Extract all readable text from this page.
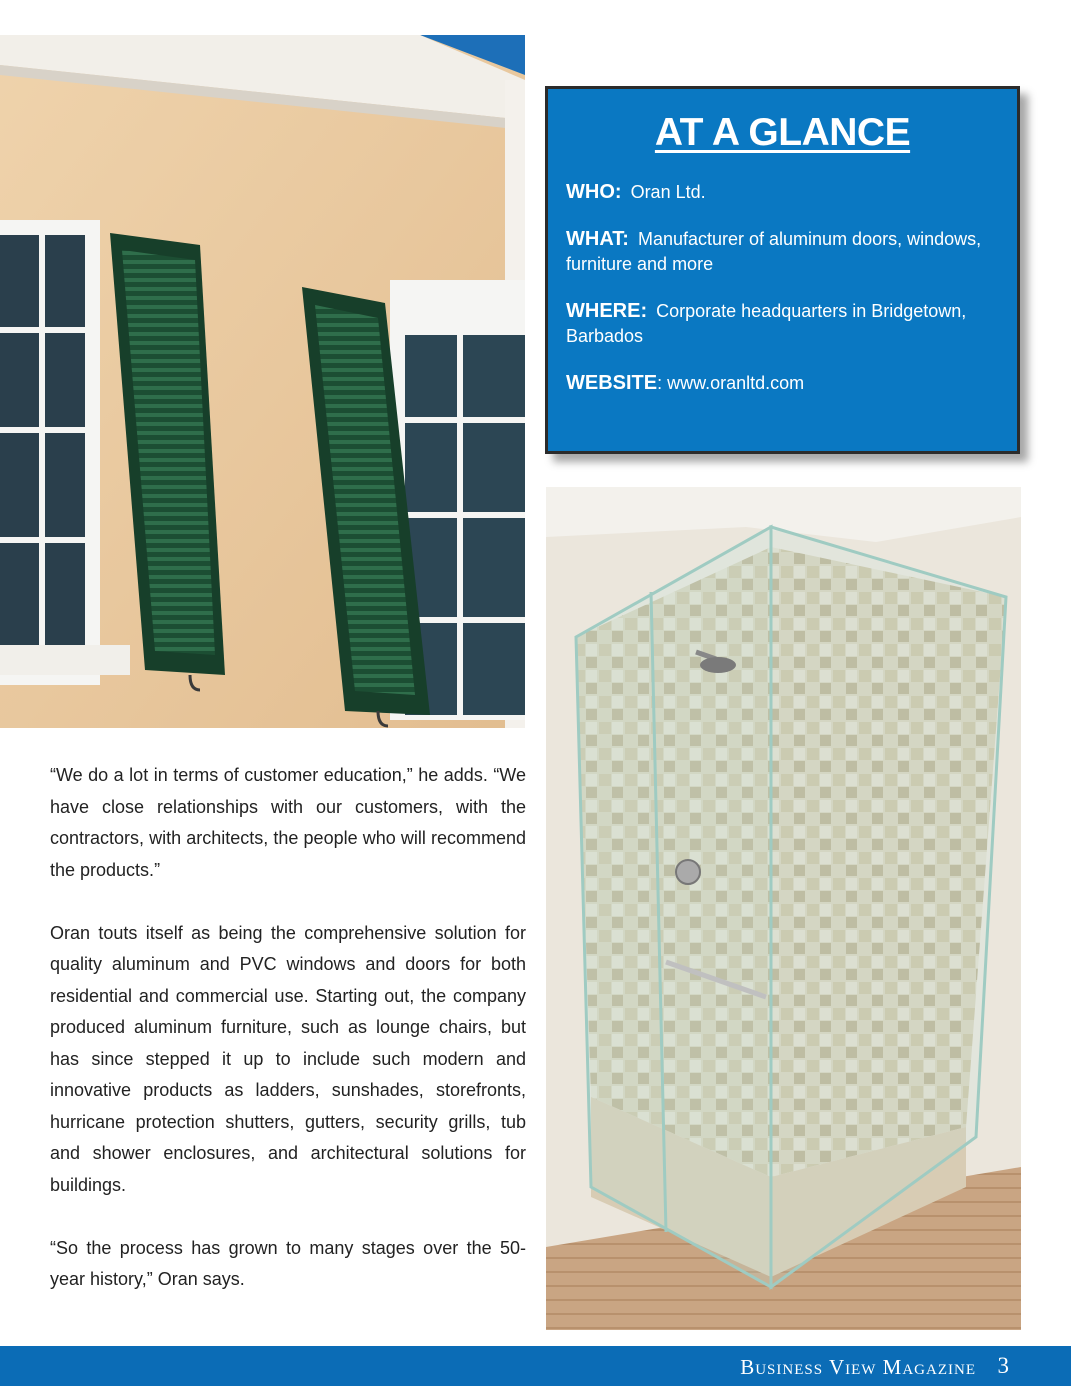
AT A GLANCE
WHO: Oran Ltd.
WHAT: Manufacturer of aluminum doors, windows, furniture and more
WHERE: Corporate headquarters in Bridgetown, Barbados
WEBSITE: www.oranltd.com

“We do a lot in terms of customer education,” he adds. “We have close relationships with our customers, with the contractors, with architects, the people who will recommend the products.”

Oran touts itself as being the comprehensive solution for quality aluminum and PVC windows and doors for both residential and commercial use. Starting out, the company produced aluminum furniture, such as lounge chairs, but has since stepped it up to include such modern and innovative products as ladders, sunshades, storefronts, hurricane protection shutters, gutters, security grills, tub and shower enclosures, and architectural solutions for buildings.

“So the process has grown to many stages over the 50-year history,” Oran says.

Business View Magazine 3
